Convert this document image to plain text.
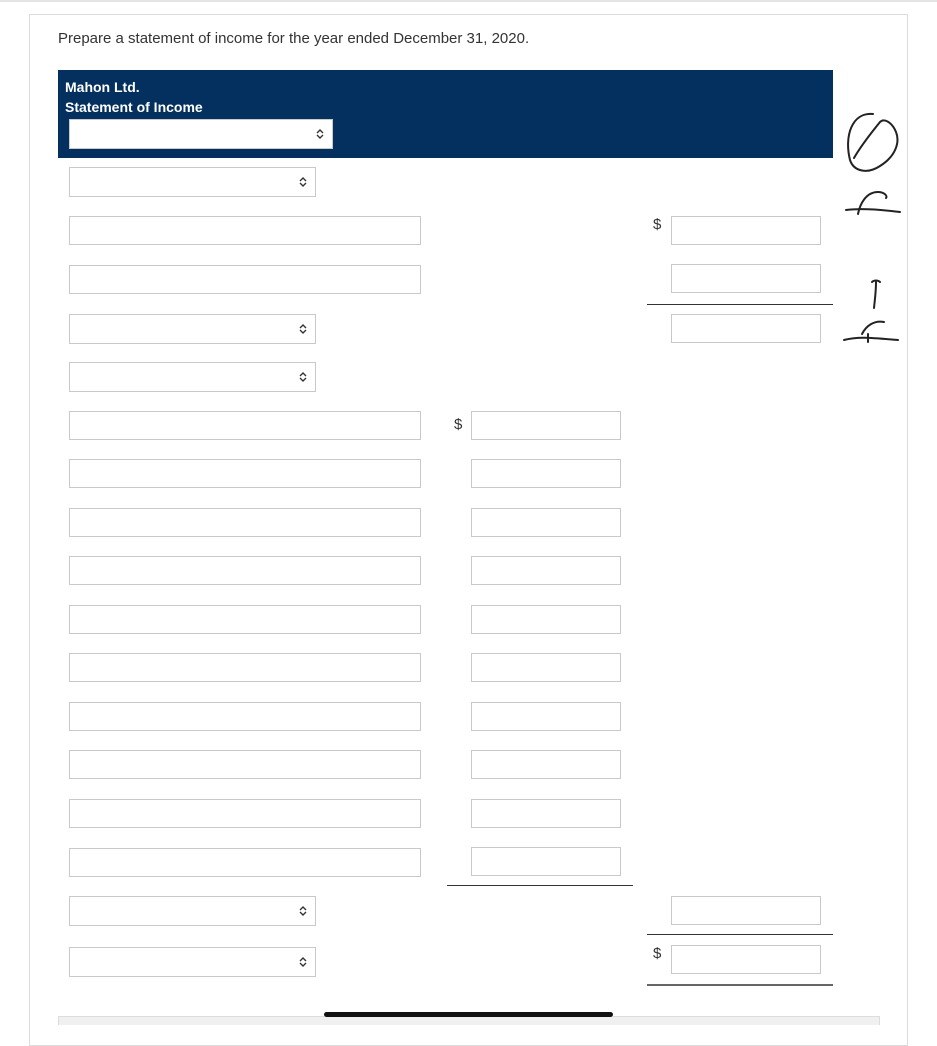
Prepare a statement of income for the year ended December 31, 2020.
Mahon Ltd.
Statement of Income
$
$
$
